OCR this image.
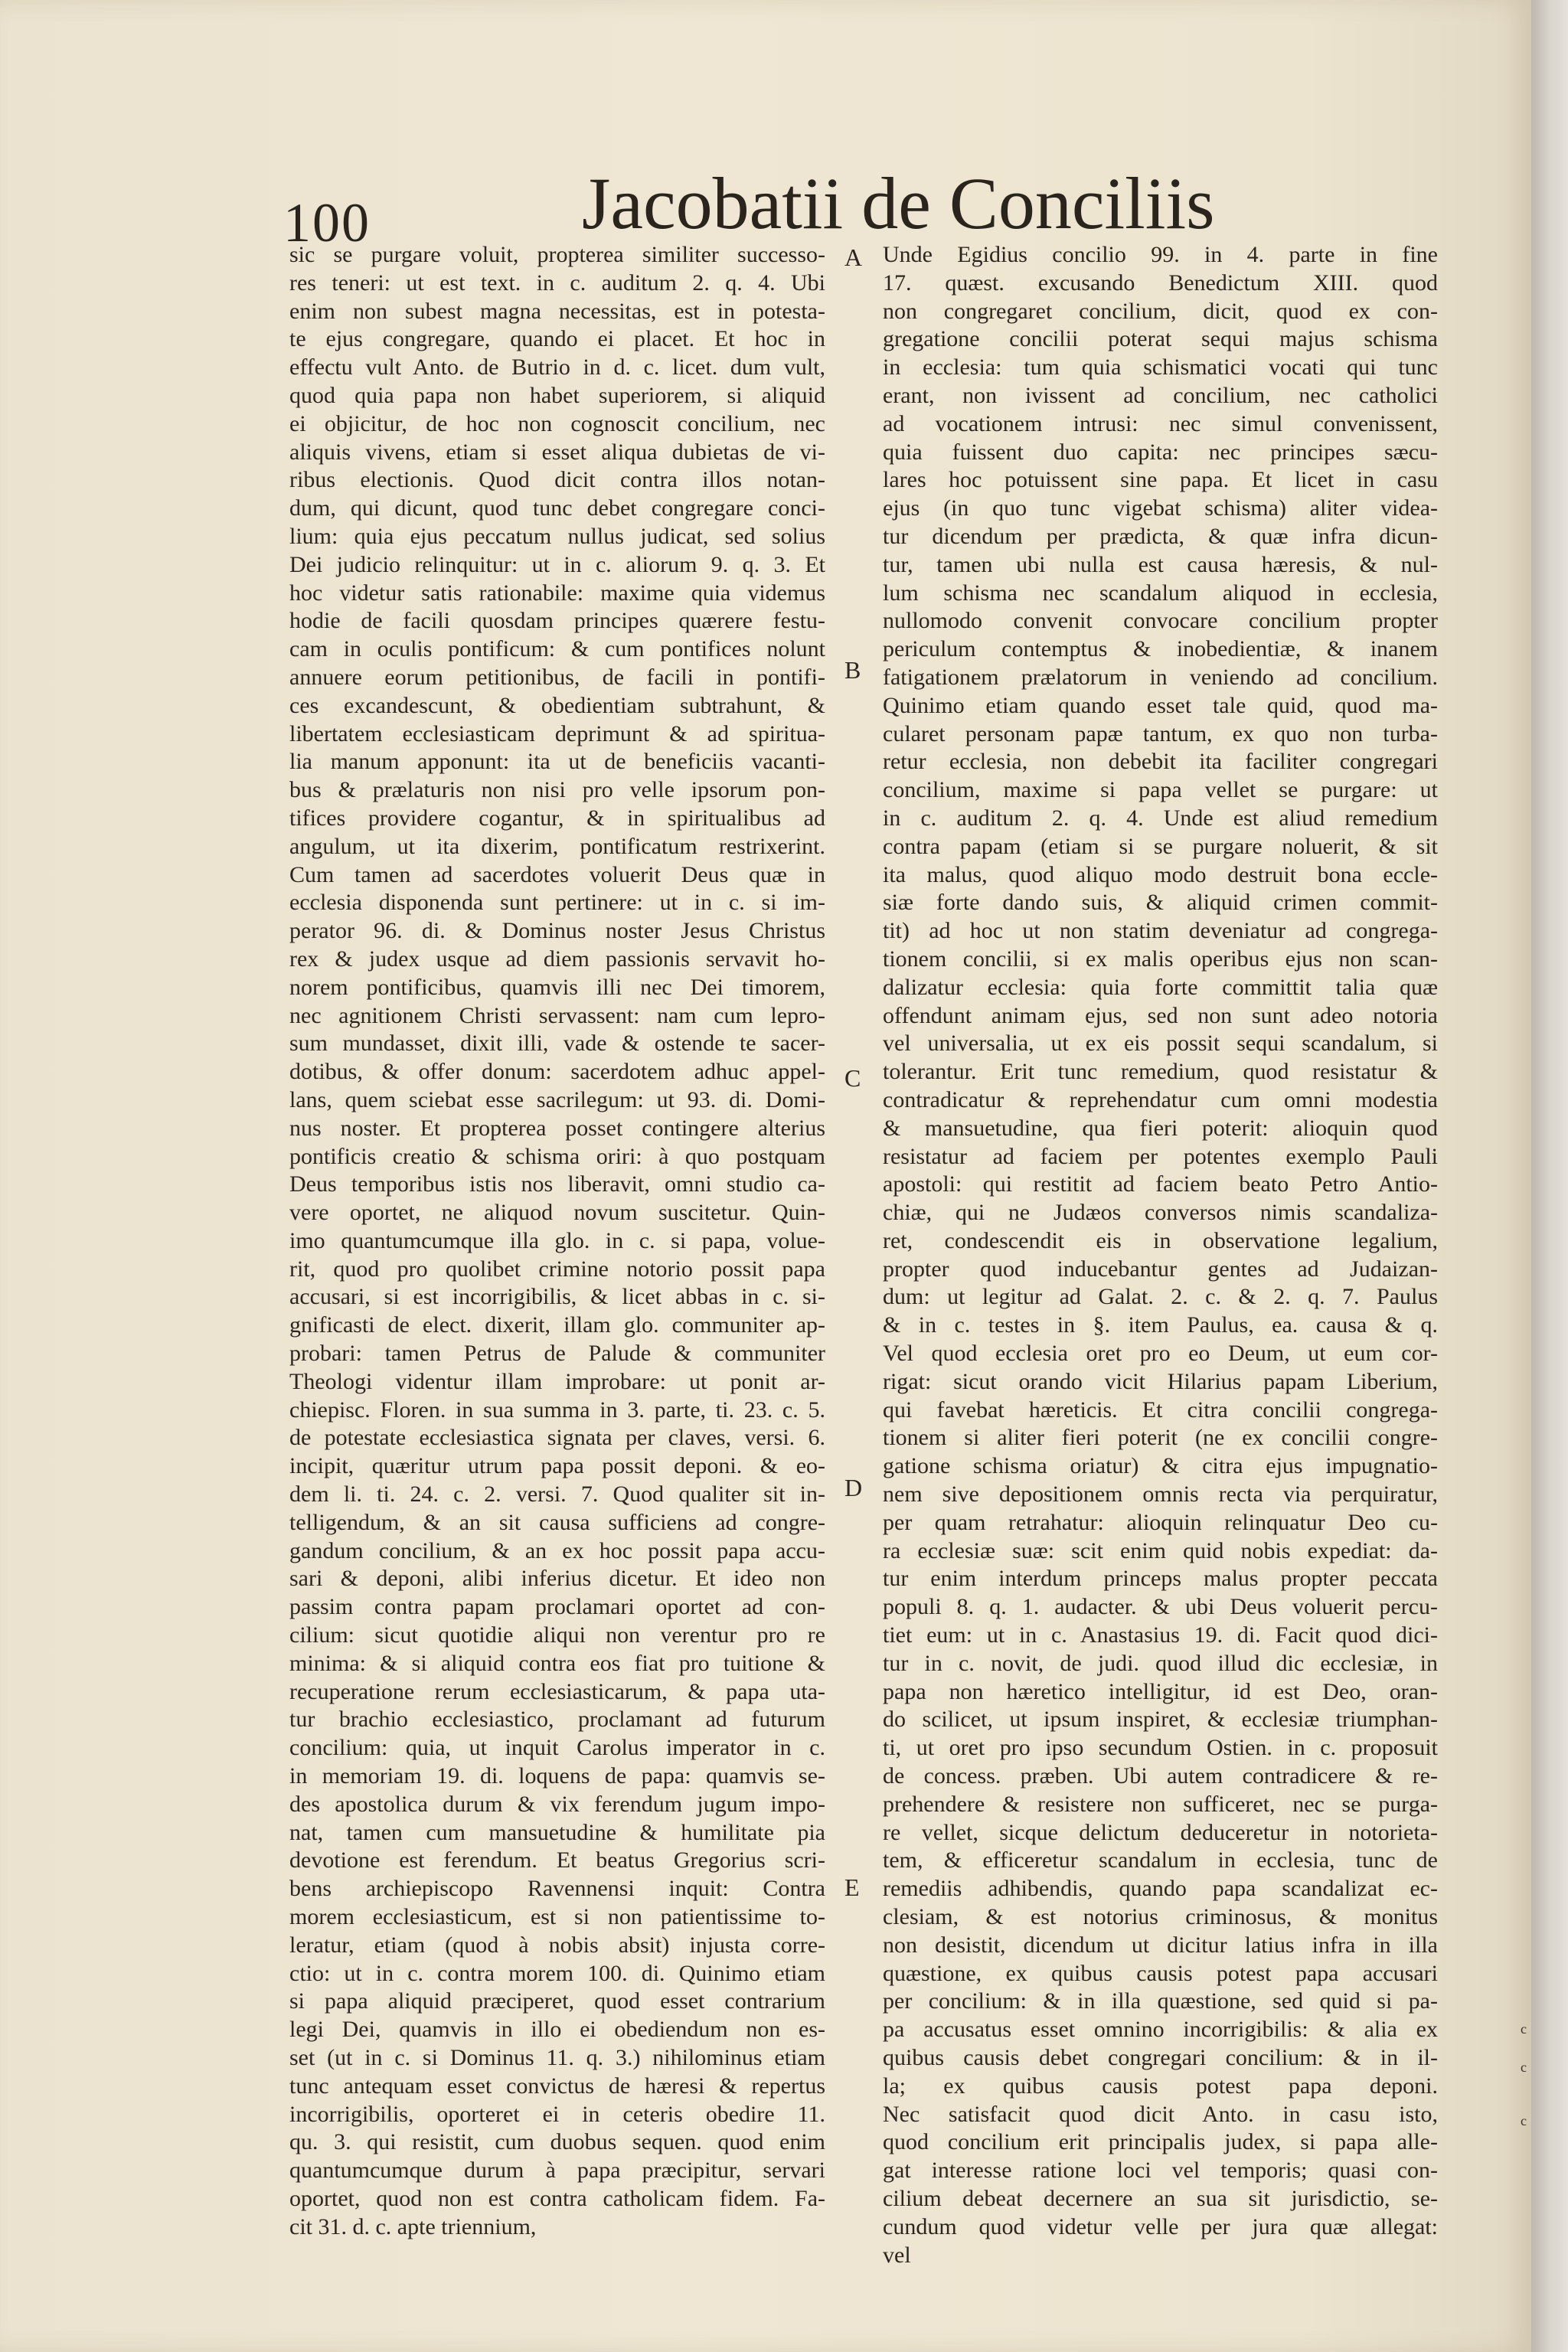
100	Jacobatii de Conciliis
sic se purgare voluit, propterea similiter successo-
res teneri: ut est text. in c. auditum 2. q. 4. Ubi
enim non subest magna necessitas, est in potesta-
te ejus congregare, quando ei placet. Et hoc in
effectu vult Anto. de Butrio in d. c. licet. dum vult,
quod quia papa non habet superiorem, si aliquid
ei objicitur, de hoc non cognoscit concilium, nec
aliquis vivens, etiam si esset aliqua dubietas de vi-
ribus electionis. Quod dicit contra illos notan-
dum, qui dicunt, quod tunc debet congregare conci-
lium: quia ejus peccatum nullus judicat, sed solius
Dei judicio relinquitur: ut in c. aliorum 9. q. 3. Et
hoc videtur satis rationabile: maxime quia videmus
hodie de facili quosdam principes quærere festu-
cam in oculis pontificum: & cum pontifices nolunt
annuere eorum petitionibus, de facili in pontifi-
ces excandescunt, & obedientiam subtrahunt, &
libertatem ecclesiasticam deprimunt & ad spiritua-
lia manum apponunt: ita ut de beneficiis vacanti-
bus & prælaturis non nisi pro velle ipsorum pon-
tifices providere cogantur, & in spiritualibus ad
angulum, ut ita dixerim, pontificatum restrixerint.
Cum tamen ad sacerdotes voluerit Deus quæ in
ecclesia disponenda sunt pertinere: ut in c. si im-
perator 96. di. & Dominus noster Jesus Christus
rex & judex usque ad diem passionis servavit ho-
norem pontificibus, quamvis illi nec Dei timorem,
nec agnitionem Christi servassent: nam cum lepro-
sum mundasset, dixit illi, vade & ostende te sacer-
dotibus, & offer donum: sacerdotem adhuc appel-
lans, quem sciebat esse sacrilegum: ut 93. di. Domi-
nus noster. Et propterea posset contingere alterius
pontificis creatio & schisma oriri: à quo postquam
Deus temporibus istis nos liberavit, omni studio ca-
vere oportet, ne aliquod novum suscitetur. Quin-
imo quantumcumque illa glo. in c. si papa, volue-
rit, quod pro quolibet crimine notorio possit papa
accusari, si est incorrigibilis, & licet abbas in c. si-
gnificasti de elect. dixerit, illam glo. communiter ap-
probari: tamen Petrus de Palude & communiter
Theologi videntur illam improbare: ut ponit ar-
chiepisc. Floren. in sua summa in 3. parte, ti. 23. c. 5.
de potestate ecclesiastica signata per claves, versi. 6.
incipit, quæritur utrum papa possit deponi. & eo-
dem li. ti. 24. c. 2. versi. 7. Quod qualiter sit in-
telligendum, & an sit causa sufficiens ad congre-
gandum concilium, & an ex hoc possit papa accu-
sari & deponi, alibi inferius dicetur. Et ideo non
passim contra papam proclamari oportet ad con-
cilium: sicut quotidie aliqui non verentur pro re
minima: & si aliquid contra eos fiat pro tuitione &
recuperatione rerum ecclesiasticarum, & papa uta-
tur brachio ecclesiastico, proclamant ad futurum
concilium: quia, ut inquit Carolus imperator in c.
in memoriam 19. di. loquens de papa: quamvis se-
des apostolica durum & vix ferendum jugum impo-
nat, tamen cum mansuetudine & humilitate pia
devotione est ferendum. Et beatus Gregorius scri-
bens archiepiscopo Ravennensi inquit: Contra
morem ecclesiasticum, est si non patientissime to-
leratur, etiam (quod à nobis absit) injusta corre-
ctio: ut in c. contra morem 100. di. Quinimo etiam
si papa aliquid præciperet, quod esset contrarium
legi Dei, quamvis in illo ei obediendum non es-
set (ut in c. si Dominus 11. q. 3.) nihilominus etiam
tunc antequam esset convictus de hæresi & repertus
incorrigibilis, oporteret ei in ceteris obedire 11.
qu. 3. qui resistit, cum duobus sequen. quod enim
quantumcumque durum à papa præcipitur, servari
oportet, quod non est contra catholicam fidem. Fa-
cit 31. d. c. apte triennium,
Unde Egidius concilio 99. in 4. parte in fine
17. quæst. excusando Benedictum XIII. quod
non congregaret concilium, dicit, quod ex con-
gregatione concilii poterat sequi majus schisma
in ecclesia: tum quia schismatici vocati qui tunc
erant, non ivissent ad concilium, nec catholici
ad vocationem intrusi: nec simul convenissent,
quia fuissent duo capita: nec principes sæcu-
lares hoc potuissent sine papa. Et licet in casu
ejus (in quo tunc vigebat schisma) aliter videa-
tur dicendum per prædicta, & quæ infra dicun-
tur, tamen ubi nulla est causa hæresis, & nul-
lum schisma nec scandalum aliquod in ecclesia,
nullomodo convenit convocare concilium propter
periculum contemptus & inobedientiæ, & inanem
fatigationem prælatorum in veniendo ad concilium.
Quinimo etiam quando esset tale quid, quod ma-
cularet personam papæ tantum, ex quo non turba-
retur ecclesia, non debebit ita faciliter congregari
concilium, maxime si papa vellet se purgare: ut
in c. auditum 2. q. 4. Unde est aliud remedium
contra papam (etiam si se purgare noluerit, & sit
ita malus, quod aliquo modo destruit bona eccle-
siæ forte dando suis, & aliquid crimen commit-
tit) ad hoc ut non statim deveniatur ad congrega-
tionem concilii, si ex malis operibus ejus non scan-
dalizatur ecclesia: quia forte committit talia quæ
offendunt animam ejus, sed non sunt adeo notoria
vel universalia, ut ex eis possit sequi scandalum, si
tolerantur. Erit tunc remedium, quod resistatur &
contradicatur & reprehendatur cum omni modestia
& mansuetudine, qua fieri poterit: alioquin quod
resistatur ad faciem per potentes exemplo Pauli
apostoli: qui restitit ad faciem beato Petro Antio-
chiæ, qui ne Judæos conversos nimis scandaliza-
ret, condescendit eis in observatione legalium,
propter quod inducebantur gentes ad Judaizan-
dum: ut legitur ad Galat. 2. c. & 2. q. 7. Paulus
& in c. testes in §. item Paulus, ea. causa & q.
Vel quod ecclesia oret pro eo Deum, ut eum cor-
rigat: sicut orando vicit Hilarius papam Liberium,
qui favebat hæreticis. Et citra concilii congrega-
tionem si aliter fieri poterit (ne ex concilii congre-
gatione schisma oriatur) & citra ejus impugnatio-
nem sive depositionem omnis recta via perquiratur,
per quam retrahatur: alioquin relinquatur Deo cu-
ra ecclesiæ suæ: scit enim quid nobis expediat: da-
tur enim interdum princeps malus propter peccata
populi 8. q. 1. audacter. & ubi Deus voluerit percu-
tiet eum: ut in c. Anastasius 19. di. Facit quod dici-
tur in c. novit, de judi. quod illud dic ecclesiæ, in
papa non hæretico intelligitur, id est Deo, oran-
do scilicet, ut ipsum inspiret, & ecclesiæ triumphan-
ti, ut oret pro ipso secundum Ostien. in c. proposuit
de concess. præben. Ubi autem contradicere & re-
prehendere & resistere non sufficeret, nec se purga-
re vellet, sicque delictum deduceretur in notorieta-
tem, & efficeretur scandalum in ecclesia, tunc de
remediis adhibendis, quando papa scandalizat ec-
clesiam, & est notorius criminosus, & monitus
non desistit, dicendum ut dicitur latius infra in illa
quæstione, ex quibus causis potest papa accusari
per concilium: & in illa quæstione, sed quid si pa-
pa accusatus esset omnino incorrigibilis: & alia ex
quibus causis debet congregari concilium: & in il-
la; ex quibus causis potest papa deponi.
Nec satisfacit quod dicit Anto. in casu isto,
quod concilium erit principalis judex, si papa alle-
gat interesse ratione loci vel temporis; quasi con-
cilium debeat decernere an sua sit jurisdictio, se-
cundum quod videtur velle per jura quæ allegat:
vel
A
B
C
D
E
c
c
c
